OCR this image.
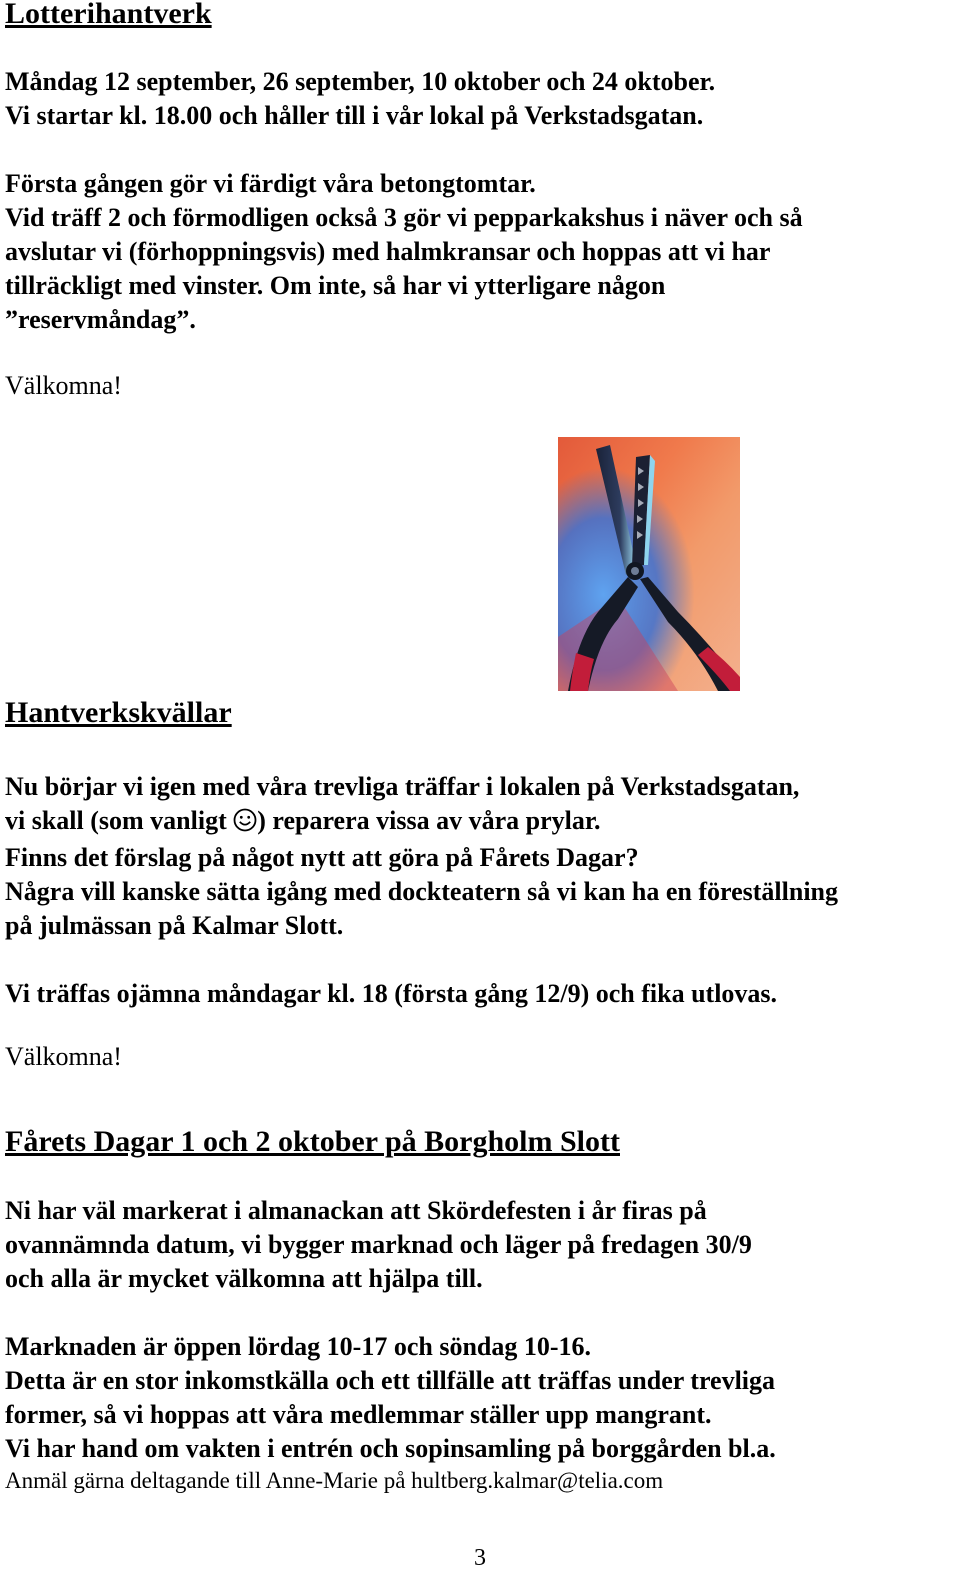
Lotterihantverk
Måndag 12 september, 26 september, 10 oktober och 24 oktober.
Vi startar kl. 18.00 och håller till i vår lokal på Verkstadsgatan.
Första gången gör vi färdigt våra betongtomtar.
Vid träff 2 och förmodligen också 3 gör vi pepparkakshus i näver och så
avslutar vi (förhoppningsvis) med halmkransar och hoppas att vi har
tillräckligt med vinster. Om inte, så har vi ytterligare någon
”reservmåndag”.
Välkomna!
Hantverkskvällar
Nu börjar vi igen med våra trevliga träffar i lokalen på Verkstadsgatan,
vi skall (som vanligt ) reparera vissa av våra prylar.
Finns det förslag på något nytt att göra på Fårets Dagar?
Några vill kanske sätta igång med dockteatern så vi kan ha en föreställning
på julmässan på Kalmar Slott.
Vi träffas ojämna måndagar kl. 18 (första gång 12/9) och fika utlovas.
Välkomna!
Fårets Dagar 1 och 2 oktober på Borgholm Slott
Ni har väl markerat i almanackan att Skördefesten i år firas på
ovannämnda datum, vi bygger marknad och läger på fredagen 30/9
och alla är mycket välkomna att hjälpa till.
Marknaden är öppen lördag 10-17 och söndag 10-16.
Detta är en stor inkomstkälla och ett tillfälle att träffas under trevliga
former, så vi hoppas att våra medlemmar ställer upp mangrant.
Vi har hand om vakten i entrén och sopinsamling på borggården bl.a.
Anmäl gärna deltagande till Anne-Marie på hultberg.kalmar@telia.com
3
